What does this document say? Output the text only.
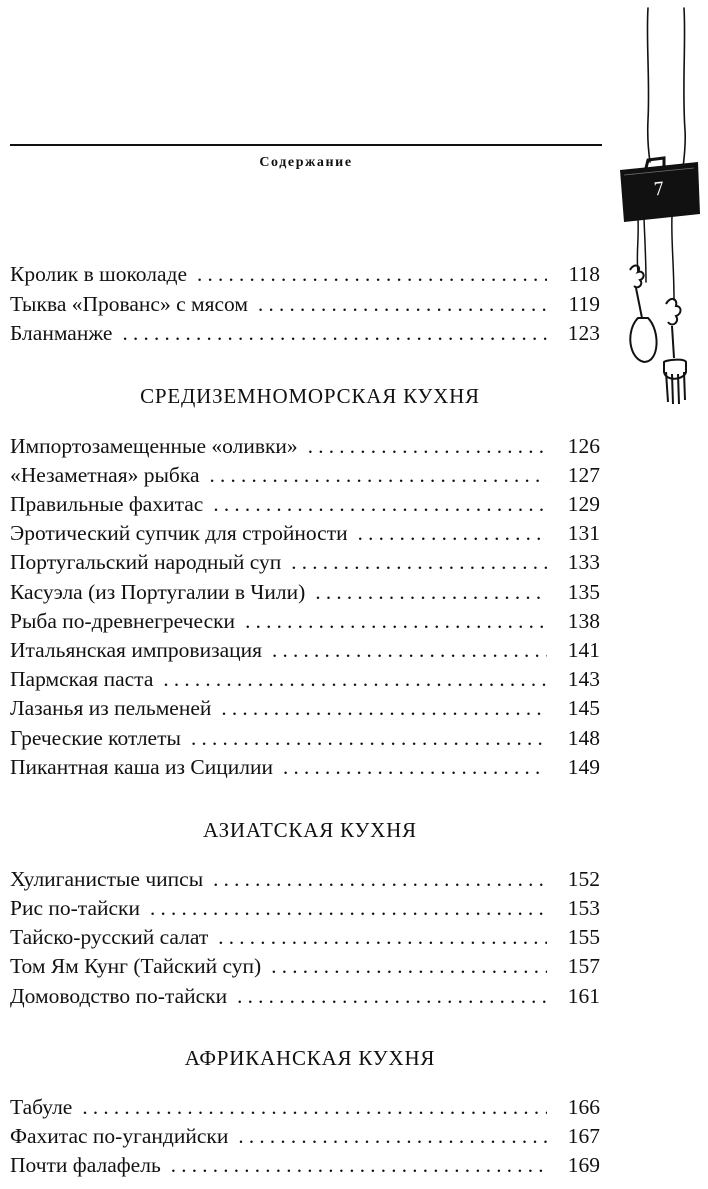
Содержание
7
Кролик в шоколаде . . .	118
Тыква «Прованс» с мясом . . .	119
Бланманже . . .	123
СРЕДИЗЕМНОМОРСКАЯ КУХНЯ
Импортозамещенные «оливки» . . .	126
«Незаметная» рыбка . . .	127
Правильные фахитас . . .	129
Эротический супчик для стройности . . .	131
Португальский народный суп . . .	133
Касуэла (из Португалии в Чили) . . .	135
Рыба по-древнегречески . . .	138
Итальянская импровизация . . .	141
Пармская паста . . .	143
Лазанья из пельменей . . .	145
Греческие котлеты . . .	148
Пикантная каша из Сицилии . . .	149
АЗИАТСКАЯ КУХНЯ
Хулиганистые чипсы . . .	152
Рис по-тайски . . .	153
Тайско-русский салат . . .	155
Том Ям Кунг (Тайский суп) . . .	157
Домоводство по-тайски . . .	161
АФРИКАНСКАЯ КУХНЯ
Табуле . . .	166
Фахитас по-угандийски . . .	167
Почти фалафель . . .	169
